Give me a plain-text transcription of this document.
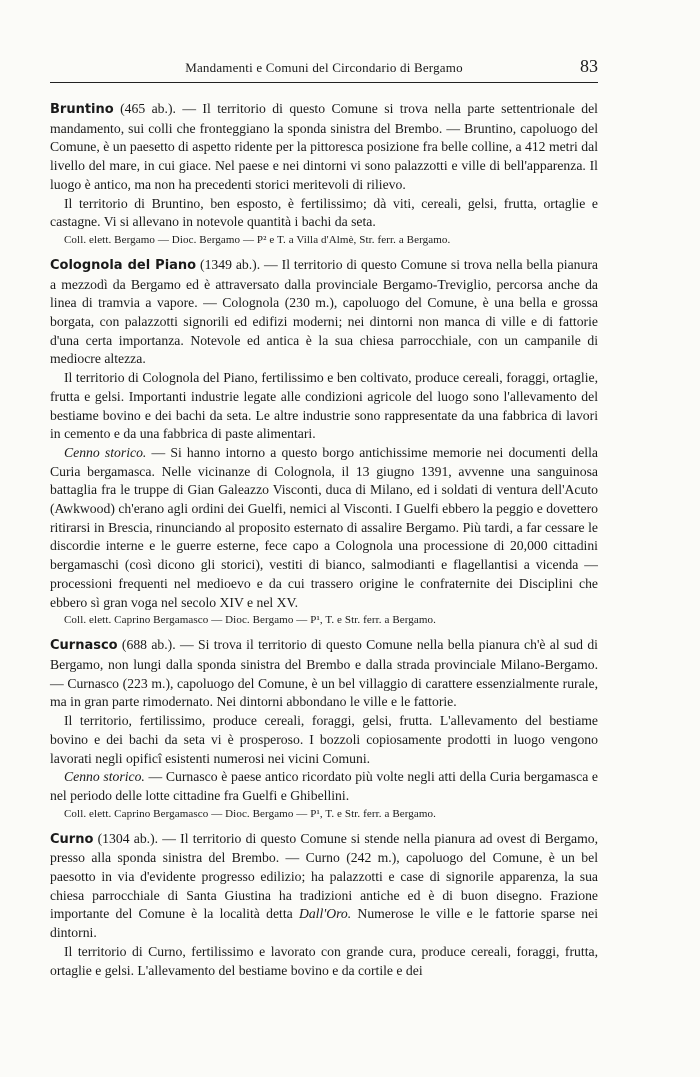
Mandamenti e Comuni del Circondario di Bergamo	83

Bruntino (465 ab.). — Il territorio di questo Comune si trova nella parte settentrionale del mandamento, sui colli che fronteggiano la sponda sinistra del Brembo. — Bruntino, capoluogo del Comune, è un paesetto di aspetto ridente per la pittoresca posizione fra belle colline, a 412 metri dal livello del mare, in cui giace. Nel paese e nei dintorni vi sono palazzotti e ville di bell'apparenza. Il luogo è antico, ma non ha precedenti storici meritevoli di rilievo.

Il territorio di Bruntino, ben esposto, è fertilissimo; dà viti, cereali, gelsi, frutta, ortaglie e castagne. Vi si allevano in notevole quantità i bachi da seta.

Coll. elett. Bergamo — Dioc. Bergamo — P² e T. a Villa d'Almè, Str. ferr. a Bergamo.

Colognola del Piano (1349 ab.). — Il territorio di questo Comune si trova nella bella pianura a mezzodì da Bergamo ed è attraversato dalla provinciale Bergamo-Treviglio, percorsa anche da linea di tramvia a vapore. — Colognola (230 m.), capoluogo del Comune, è una bella e grossa borgata, con palazzotti signorili ed edifizi moderni; nei dintorni non manca di ville e di fattorie d'una certa importanza. Notevole ed antica è la sua chiesa parrocchiale, con un campanile di mediocre altezza.

Il territorio di Colognola del Piano, fertilissimo e ben coltivato, produce cereali, foraggi, ortaglie, frutta e gelsi. Importanti industrie legate alle condizioni agricole del luogo sono l'allevamento del bestiame bovino e dei bachi da seta. Le altre industrie sono rappresentate da una fabbrica di lavori in cemento e da una fabbrica di paste alimentari.

Cenno storico. — Si hanno intorno a questo borgo antichissime memorie nei documenti della Curia bergamasca. Nelle vicinanze di Colognola, il 13 giugno 1391, avvenne una sanguinosa battaglia fra le truppe di Gian Galeazzo Visconti, duca di Milano, ed i soldati di ventura dell'Acuto (Awkwood) ch'erano agli ordini dei Guelfi, nemici al Visconti. I Guelfi ebbero la peggio e dovettero ritirarsi in Brescia, rinunciando al proposito esternato di assalire Bergamo. Più tardi, a far cessare le discordie interne e le guerre esterne, fece capo a Colognola una processione di 20,000 cittadini bergamaschi (così dicono gli storici), vestiti di bianco, salmodianti e flagellantisi a vicenda — processioni frequenti nel medioevo e da cui trassero origine le confraternite dei Disciplini che ebbero sì gran voga nel secolo XIV e nel XV.

Coll. elett. Caprino Bergamasco — Dioc. Bergamo — P¹, T. e Str. ferr. a Bergamo.

Curnasco (688 ab.). — Si trova il territorio di questo Comune nella bella pianura ch'è al sud di Bergamo, non lungi dalla sponda sinistra del Brembo e dalla strada provinciale Milano-Bergamo. — Curnasco (223 m.), capoluogo del Comune, è un bel villaggio di carattere essenzialmente rurale, ma in gran parte rimodernato. Nei dintorni abbondano le ville e le fattorie.

Il territorio, fertilissimo, produce cereali, foraggi, gelsi, frutta. L'allevamento del bestiame bovino e dei bachi da seta vi è prosperoso. I bozzoli copiosamente prodotti in luogo vengono lavorati negli opificî esistenti numerosi nei vicini Comuni.

Cenno storico. — Curnasco è paese antico ricordato più volte negli atti della Curia bergamasca e nel periodo delle lotte cittadine fra Guelfi e Ghibellini.

Coll. elett. Caprino Bergamasco — Dioc. Bergamo — P¹, T. e Str. ferr. a Bergamo.

Curno (1304 ab.). — Il territorio di questo Comune si stende nella pianura ad ovest di Bergamo, presso alla sponda sinistra del Brembo. — Curno (242 m.), capoluogo del Comune, è un bel paesotto in via d'evidente progresso edilizio; ha palazzotti e case di signorile apparenza, la sua chiesa parrocchiale di Santa Giustina ha tradizioni antiche ed è di buon disegno. Frazione importante del Comune è la località detta Dall'Oro. Numerose le ville e le fattorie sparse nei dintorni.

Il territorio di Curno, fertilissimo e lavorato con grande cura, produce cereali, foraggi, frutta, ortaglie e gelsi. L'allevamento del bestiame bovino e da cortile e dei
